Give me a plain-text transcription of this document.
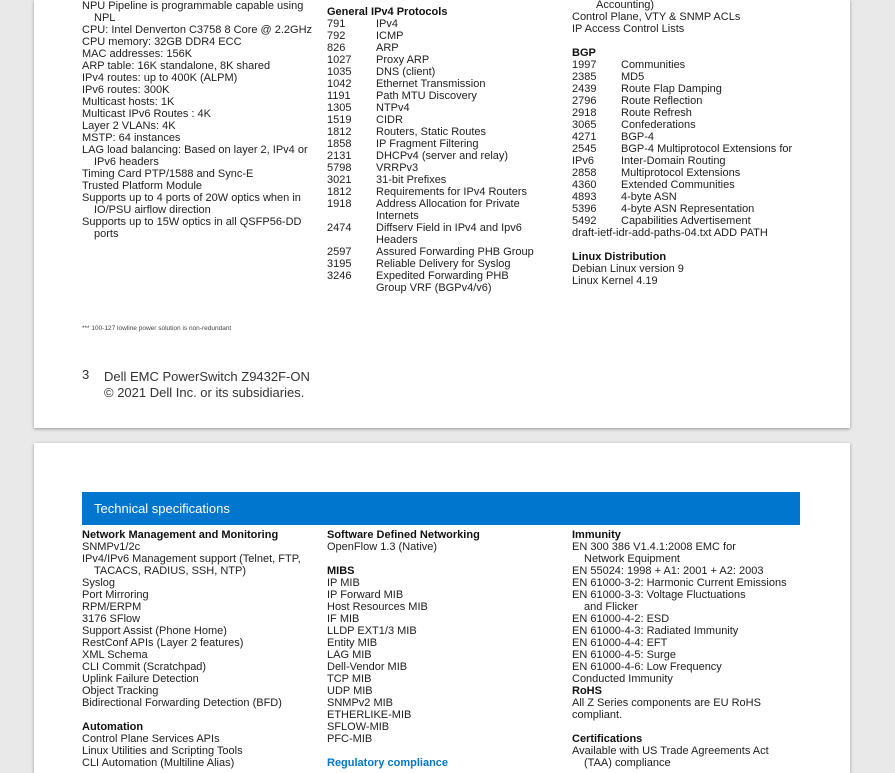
NPU Pipeline is programmable capable using
NPL
CPU: Intel Denverton C3758 8 Core @ 2.2GHz
CPU memory: 32GB DDR4 ECC
MAC addresses: 156K
ARP table: 16K standalone, 8K shared
IPv4 routes: up to 400K (ALPM)
IPv6 routes: 300K
Multicast hosts: 1K
Multicast IPv6 Routes : 4K
Layer 2 VLANs: 4K
MSTP: 64 instances
LAG load balancing: Based on layer 2, IPv4 or
IPv6 headers
Timing Card PTP/1588 and Sync-E
Trusted Platform Module
Supports up to 4 ports of 20W optics when in
IO/PSU airflow direction
Supports up to 15W optics in all QSFP56-DD
ports
General IPv4 Protocols
791	IPv4
792	ICMP
826	ARP
1027	Proxy ARP
1035	DNS (client)
1042	Ethernet Transmission
1191	Path MTU Discovery
1305	NTPv4
1519	CIDR
1812	Routers, Static Routes
1858	IP Fragment Filtering
2131	DHCPv4 (server and relay)
5798	VRRPv3
3021	31-bit Prefixes
1812	Requirements for IPv4 Routers
1918	Address Allocation for Private Internets
2474	Diffserv Field in IPv4 and Ipv6 Headers
2597	Assured Forwarding PHB Group
3195	Reliable Delivery for Syslog
3246	Expedited Forwarding PHB Group VRF (BGPv4/v6)
Accounting)
Control Plane, VTY & SNMP ACLs
IP Access Control Lists
BGP
1997	Communities
2385	MD5
2439	Route Flap Damping
2796	Route Reflection
2918	Route Refresh
3065	Confederations
4271	BGP-4
2545	BGP-4 Multiprotocol Extensions for
IPv6	Inter-Domain Routing
2858	Multiprotocol Extensions
4360	Extended Communities
4893	4-byte ASN
5396	4-byte ASN Representation
5492	Capabilities Advertisement
draft-ietf-idr-add-paths-04.txt ADD PATH
Linux Distribution
Debian Linux version 9
Linux Kernel 4.19
*** 100-127 lowline power solution is non-redundant
3 Dell EMC PowerSwitch Z9432F-ON
© 2021 Dell Inc. or its subsidiaries.
Technical specifications
Network Management and Monitoring
SNMPv1/2c
IPv4/IPv6 Management support (Telnet, FTP,
TACACS, RADIUS, SSH, NTP)
Syslog
Port Mirroring
RPM/ERPM
3176 SFlow
Support Assist (Phone Home)
RestConf APIs (Layer 2 features)
XML Schema
CLI Commit (Scratchpad)
Uplink Failure Detection
Object Tracking
Bidirectional Forwarding Detection (BFD)
Automation
Control Plane Services APIs
Linux Utilities and Scripting Tools
CLI Automation (Multiline Alias)
Software Defined Networking
OpenFlow 1.3 (Native)
MIBS
IP MIB
IP Forward MIB
Host Resources MIB
IF MIB
LLDP EXT1/3 MIB
Entity MIB
LAG MIB
Dell-Vendor MIB
TCP MIB
UDP MIB
SNMPv2 MIB
ETHERLIKE-MIB
SFLOW-MIB
PFC-MIB
Regulatory compliance
Immunity
EN 300 386 V1.4.1:2008 EMC for
Network Equipment
EN 55024: 1998 + A1: 2001 + A2: 2003
EN 61000-3-2: Harmonic Current Emissions
EN 61000-3-3: Voltage Fluctuations
and Flicker
EN 61000-4-2: ESD
EN 61000-4-3: Radiated Immunity
EN 61000-4-4: EFT
EN 61000-4-5: Surge
EN 61000-4-6: Low Frequency
Conducted Immunity
RoHS
All Z Series components are EU RoHS
compliant.
Certifications
Available with US Trade Agreements Act
(TAA) compliance
